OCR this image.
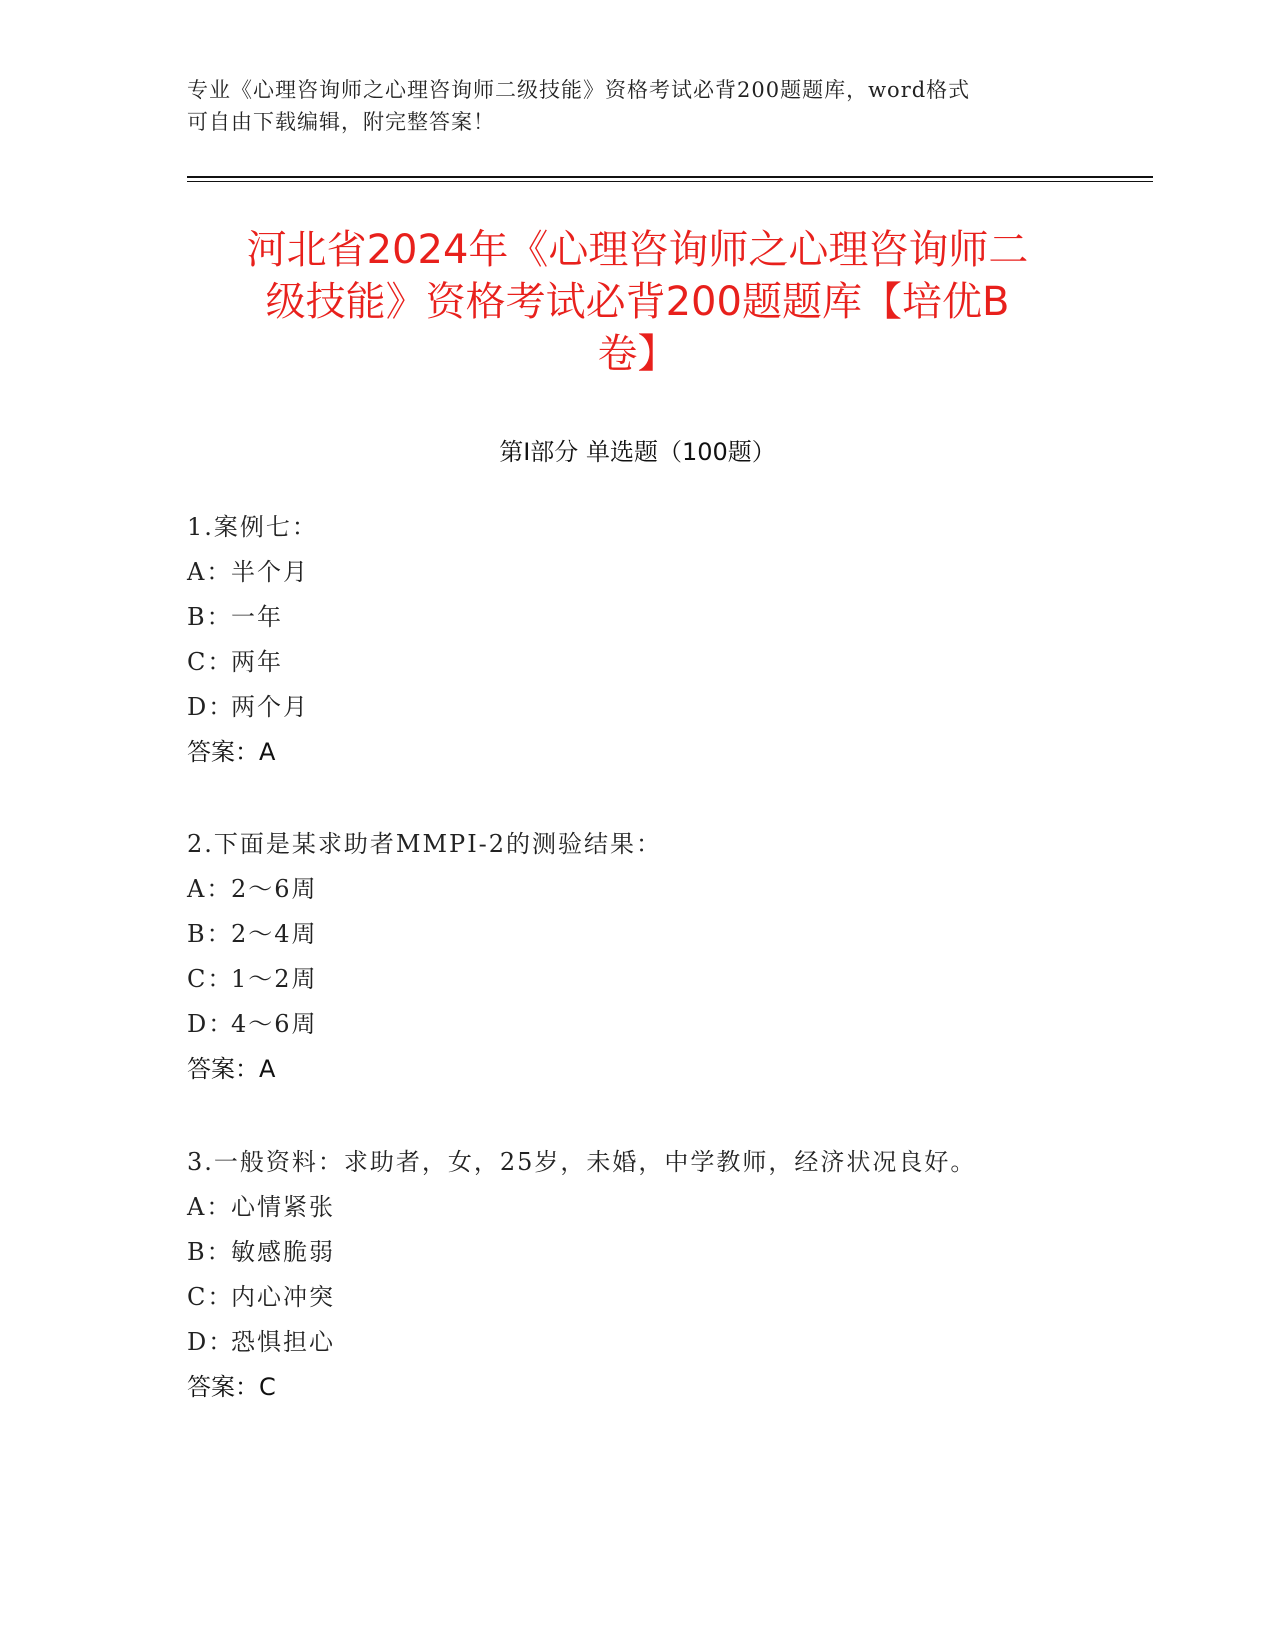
专业《心理咨询师之心理咨询师二级技能》资格考试必背200题题库，word格式
可自由下载编辑，附完整答案！
河北省2024年《心理咨询师之心理咨询师二
级技能》资格考试必背200题题库【培优B
卷】
第Ⅰ部分 单选题（100题）
1.案例七：
A：半个月
B：一年
C：两年
D：两个月
答案：A
2.下面是某求助者MMPI-2的测验结果：
A：2～6周
B：2～4周
C：1～2周
D：4～6周
答案：A
3.一般资料：求助者，女，25岁，未婚，中学教师，经济状况良好。
A：心情紧张
B：敏感脆弱
C：内心冲突
D：恐惧担心
答案：C
